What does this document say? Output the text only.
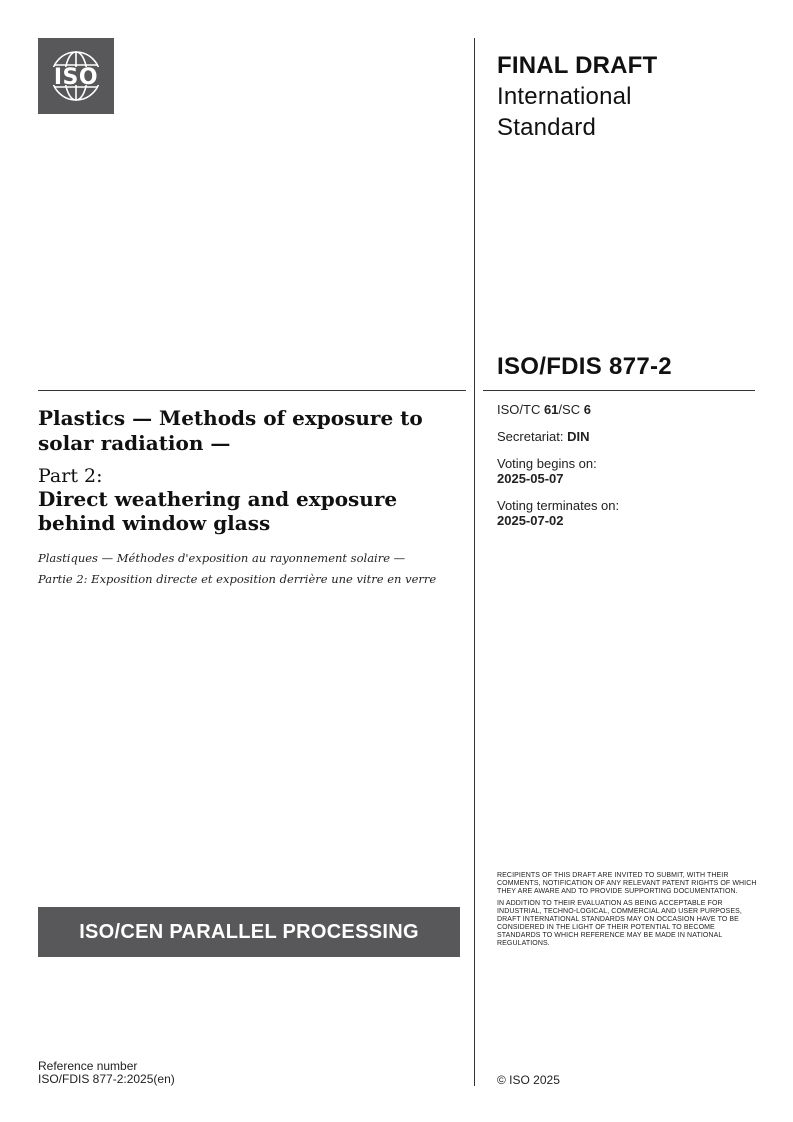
ISO	FINAL DRAFT
International
Standard
ISO/FDIS 877-2
ISO/TC 61/SC 6
Secretariat: DIN
Voting begins on:
2025-05-07
Voting terminates on:
2025-07-02
Plastics — Methods of exposure to solar radiation —
Part 2:
Direct weathering and exposure behind window glass
Plastiques — Méthodes d'exposition au rayonnement solaire —
Partie 2: Exposition directe et exposition derrière une vitre en verre

RECIPIENTS OF THIS DRAFT ARE INVITED TO SUBMIT, WITH THEIR COMMENTS, NOTIFICATION OF ANY RELEVANT PATENT RIGHTS OF WHICH THEY ARE AWARE AND TO PROVIDE SUPPORTING DOCUMENTATION.

IN ADDITION TO THEIR EVALUATION AS BEING ACCEPTABLE FOR INDUSTRIAL, TECHNO-LOGICAL, COMMERCIAL AND USER PURPOSES, DRAFT INTERNATIONAL STANDARDS MAY ON OCCASION HAVE TO BE CONSIDERED IN THE LIGHT OF THEIR POTENTIAL TO BECOME STANDARDS TO WHICH REFERENCE MAY BE MADE IN NATIONAL REGULATIONS.

ISO/CEN PARALLEL PROCESSING
Reference number
ISO/FDIS 877-2:2025(en)	© ISO 2025
